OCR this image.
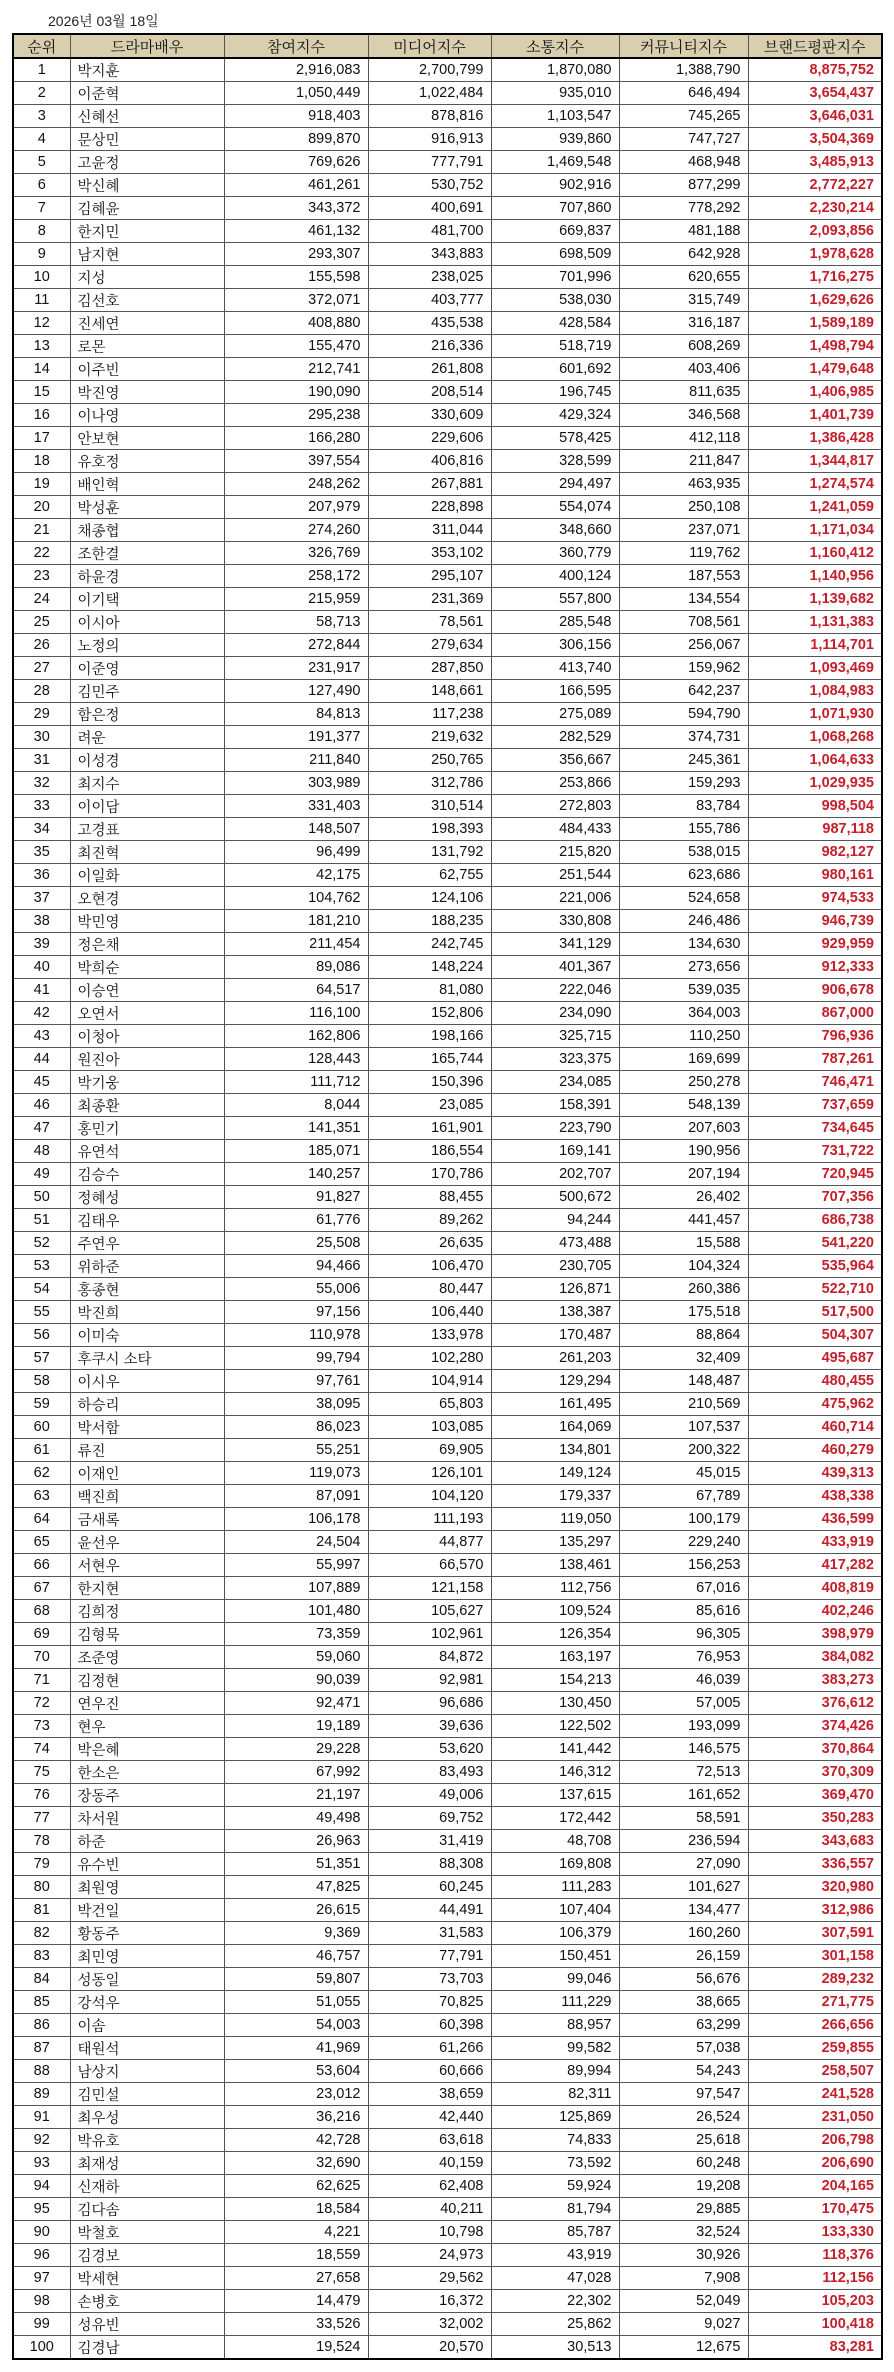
2026년 03월 18일
순위	드라마배우	참여지수	미디어지수	소통지수	커뮤니티지수	브랜드평판지수
1	박지훈	2,916,083	2,700,799	1,870,080	1,388,790	8,875,752
2	이준혁	1,050,449	1,022,484	935,010	646,494	3,654,437
3	신혜선	918,403	878,816	1,103,547	745,265	3,646,031
4	문상민	899,870	916,913	939,860	747,727	3,504,369
5	고윤정	769,626	777,791	1,469,548	468,948	3,485,913
6	박신혜	461,261	530,752	902,916	877,299	2,772,227
7	김혜윤	343,372	400,691	707,860	778,292	2,230,214
8	한지민	461,132	481,700	669,837	481,188	2,093,856
9	남지현	293,307	343,883	698,509	642,928	1,978,628
10	지성	155,598	238,025	701,996	620,655	1,716,275
11	김선호	372,071	403,777	538,030	315,749	1,629,626
12	진세연	408,880	435,538	428,584	316,187	1,589,189
13	로몬	155,470	216,336	518,719	608,269	1,498,794
14	이주빈	212,741	261,808	601,692	403,406	1,479,648
15	박진영	190,090	208,514	196,745	811,635	1,406,985
16	이나영	295,238	330,609	429,324	346,568	1,401,739
17	안보현	166,280	229,606	578,425	412,118	1,386,428
18	유호정	397,554	406,816	328,599	211,847	1,344,817
19	배인혁	248,262	267,881	294,497	463,935	1,274,574
20	박성훈	207,979	228,898	554,074	250,108	1,241,059
21	채종협	274,260	311,044	348,660	237,071	1,171,034
22	조한결	326,769	353,102	360,779	119,762	1,160,412
23	하윤경	258,172	295,107	400,124	187,553	1,140,956
24	이기택	215,959	231,369	557,800	134,554	1,139,682
25	이시아	58,713	78,561	285,548	708,561	1,131,383
26	노정의	272,844	279,634	306,156	256,067	1,114,701
27	이준영	231,917	287,850	413,740	159,962	1,093,469
28	김민주	127,490	148,661	166,595	642,237	1,084,983
29	함은정	84,813	117,238	275,089	594,790	1,071,930
30	려운	191,377	219,632	282,529	374,731	1,068,268
31	이성경	211,840	250,765	356,667	245,361	1,064,633
32	최지수	303,989	312,786	253,866	159,293	1,029,935
33	이이담	331,403	310,514	272,803	83,784	998,504
34	고경표	148,507	198,393	484,433	155,786	987,118
35	최진혁	96,499	131,792	215,820	538,015	982,127
36	이일화	42,175	62,755	251,544	623,686	980,161
37	오현경	104,762	124,106	221,006	524,658	974,533
38	박민영	181,210	188,235	330,808	246,486	946,739
39	정은채	211,454	242,745	341,129	134,630	929,959
40	박희순	89,086	148,224	401,367	273,656	912,333
41	이승연	64,517	81,080	222,046	539,035	906,678
42	오연서	116,100	152,806	234,090	364,003	867,000
43	이청아	162,806	198,166	325,715	110,250	796,936
44	원진아	128,443	165,744	323,375	169,699	787,261
45	박기웅	111,712	150,396	234,085	250,278	746,471
46	최종환	8,044	23,085	158,391	548,139	737,659
47	홍민기	141,351	161,901	223,790	207,603	734,645
48	유연석	185,071	186,554	169,141	190,956	731,722
49	김승수	140,257	170,786	202,707	207,194	720,945
50	정혜성	91,827	88,455	500,672	26,402	707,356
51	김태우	61,776	89,262	94,244	441,457	686,738
52	주연우	25,508	26,635	473,488	15,588	541,220
53	위하준	94,466	106,470	230,705	104,324	535,964
54	홍종현	55,006	80,447	126,871	260,386	522,710
55	박진희	97,156	106,440	138,387	175,518	517,500
56	이미숙	110,978	133,978	170,487	88,864	504,307
57	후쿠시 소타	99,794	102,280	261,203	32,409	495,687
58	이시우	97,761	104,914	129,294	148,487	480,455
59	하승리	38,095	65,803	161,495	210,569	475,962
60	박서함	86,023	103,085	164,069	107,537	460,714
61	류진	55,251	69,905	134,801	200,322	460,279
62	이재인	119,073	126,101	149,124	45,015	439,313
63	백진희	87,091	104,120	179,337	67,789	438,338
64	금새록	106,178	111,193	119,050	100,179	436,599
65	윤선우	24,504	44,877	135,297	229,240	433,919
66	서현우	55,997	66,570	138,461	156,253	417,282
67	한지현	107,889	121,158	112,756	67,016	408,819
68	김희정	101,480	105,627	109,524	85,616	402,246
69	김형묵	73,359	102,961	126,354	96,305	398,979
70	조준영	59,060	84,872	163,197	76,953	384,082
71	김정현	90,039	92,981	154,213	46,039	383,273
72	연우진	92,471	96,686	130,450	57,005	376,612
73	현우	19,189	39,636	122,502	193,099	374,426
74	박은혜	29,228	53,620	141,442	146,575	370,864
75	한소은	67,992	83,493	146,312	72,513	370,309
76	장동주	21,197	49,006	137,615	161,652	369,470
77	차서원	49,498	69,752	172,442	58,591	350,283
78	하준	26,963	31,419	48,708	236,594	343,683
79	유수빈	51,351	88,308	169,808	27,090	336,557
80	최원영	47,825	60,245	111,283	101,627	320,980
81	박건일	26,615	44,491	107,404	134,477	312,986
82	황동주	9,369	31,583	106,379	160,260	307,591
83	최민영	46,757	77,791	150,451	26,159	301,158
84	성동일	59,807	73,703	99,046	56,676	289,232
85	강석우	51,055	70,825	111,229	38,665	271,775
86	이솜	54,003	60,398	88,957	63,299	266,656
87	태원석	41,969	61,266	99,582	57,038	259,855
88	남상지	53,604	60,666	89,994	54,243	258,507
89	김민설	23,012	38,659	82,311	97,547	241,528
91	최우성	36,216	42,440	125,869	26,524	231,050
92	박유호	42,728	63,618	74,833	25,618	206,798
93	최재성	32,690	40,159	73,592	60,248	206,690
94	신재하	62,625	62,408	59,924	19,208	204,165
95	김다솜	18,584	40,211	81,794	29,885	170,475
90	박철호	4,221	10,798	85,787	32,524	133,330
96	김경보	18,559	24,973	43,919	30,926	118,376
97	박세현	27,658	29,562	47,028	7,908	112,156
98	손병호	14,479	16,372	22,302	52,049	105,203
99	성유빈	33,526	32,002	25,862	9,027	100,418
100	김경남	19,524	20,570	30,513	12,675	83,281
